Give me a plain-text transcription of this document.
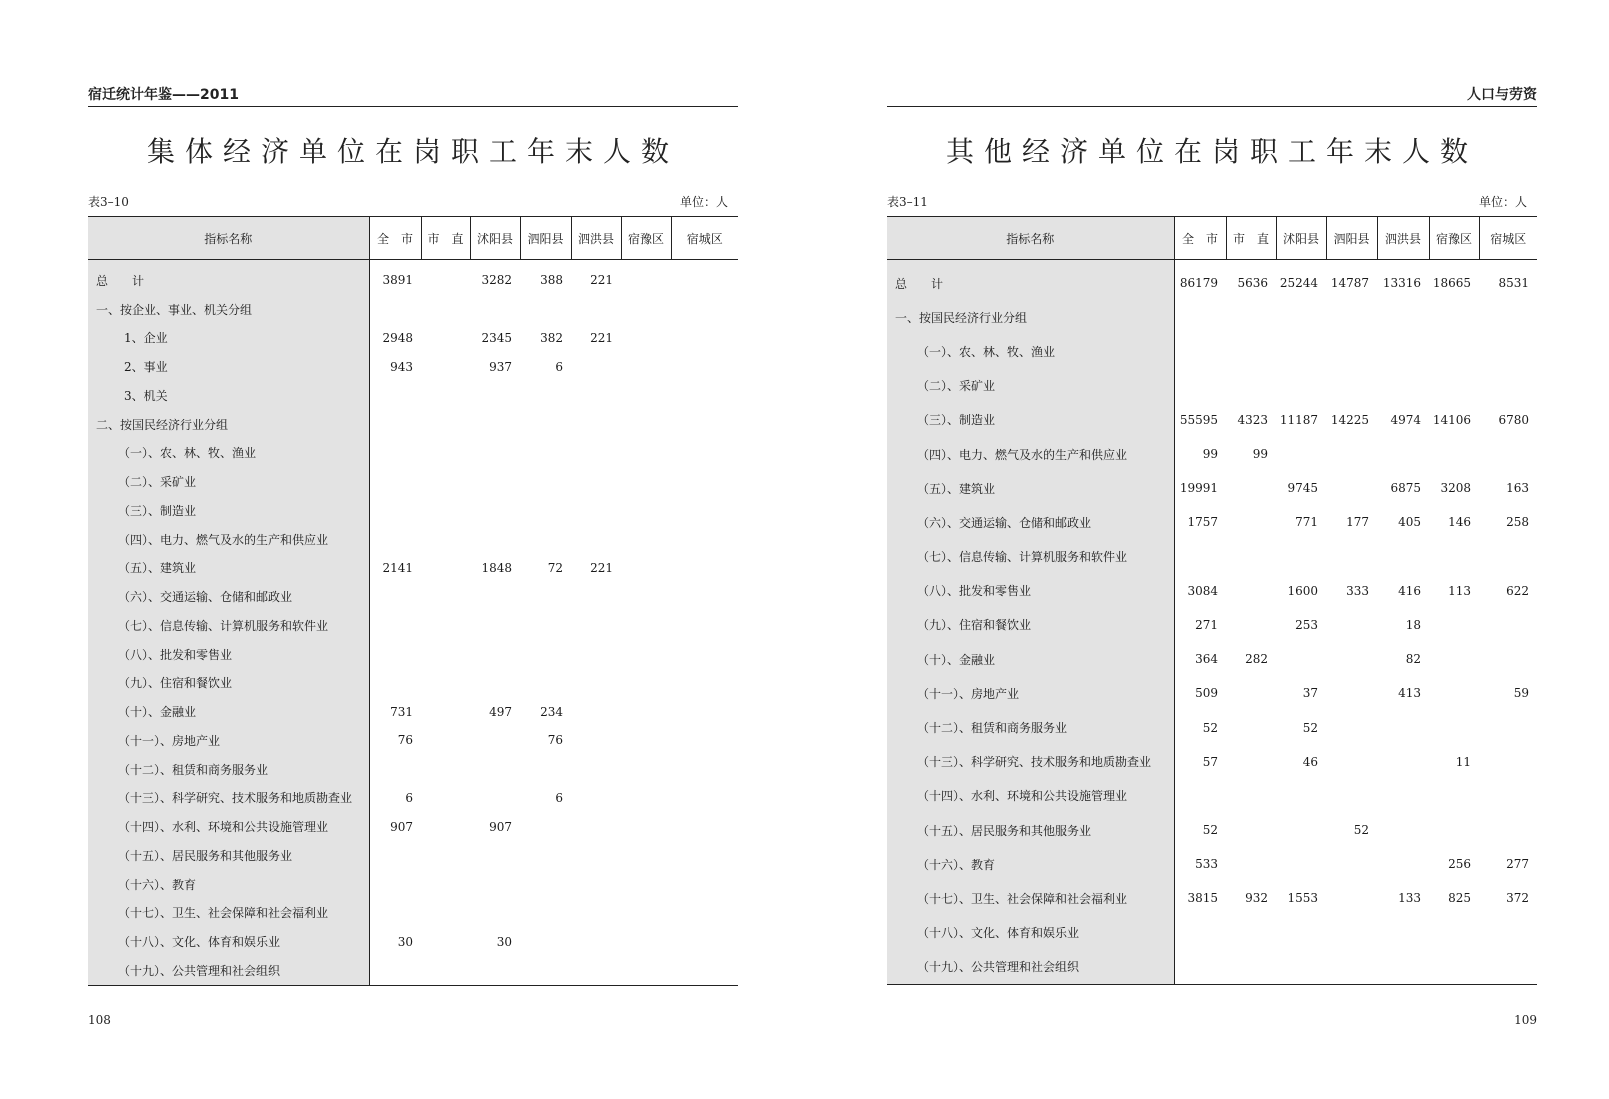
宿迁统计年鉴——2011
集体经济单位在岗职工年末人数
表3–10	单位：人
指标名称	全　市	市　直	沭阳县	泗阳县	泗洪县	宿豫区	宿城区
总　　计	3891		3282	388	221		
一、按企业、事业、机关分组							
1、企业	2948		2345	382	221		
2、事业	943		937	6			
3、机关							
二、按国民经济行业分组							
（一）、农、林、牧、渔业							
（二）、采矿业							
（三）、制造业							
（四）、电力、燃气及水的生产和供应业							
（五）、建筑业	2141		1848	72	221		
（六）、交通运输、仓储和邮政业							
（七）、信息传输、计算机服务和软件业							
（八）、批发和零售业							
（九）、住宿和餐饮业							
（十）、金融业	731		497	234			
（十一）、房地产业	76			76			
（十二）、租赁和商务服务业							
（十三）、科学研究、技术服务和地质勘查业	6			6			
（十四）、水利、环境和公共设施管理业	907		907				
（十五）、居民服务和其他服务业							
（十六）、教育							
（十七）、卫生、社会保障和社会福利业							
（十八）、文化、体育和娱乐业	30		30				
（十九）、公共管理和社会组织							
108
人口与劳资
其他经济单位在岗职工年末人数
表3–11	单位：人
指标名称	全　市	市　直	沭阳县	泗阳县	泗洪县	宿豫区	宿城区
总　　计	86179	5636	25244	14787	13316	18665	8531
一、按国民经济行业分组							
（一）、农、林、牧、渔业							
（二）、采矿业							
（三）、制造业	55595	4323	11187	14225	4974	14106	6780
（四）、电力、燃气及水的生产和供应业	99	99					
（五）、建筑业	19991		9745		6875	3208	163
（六）、交通运输、仓储和邮政业	1757		771	177	405	146	258
（七）、信息传输、计算机服务和软件业							
（八）、批发和零售业	3084		1600	333	416	113	622
（九）、住宿和餐饮业	271		253		18		
（十）、金融业	364	282			82		
（十一）、房地产业	509		37		413		59
（十二）、租赁和商务服务业	52		52				
（十三）、科学研究、技术服务和地质勘查业	57		46			11	
（十四）、水利、环境和公共设施管理业							
（十五）、居民服务和其他服务业	52			52			
（十六）、教育	533					256	277
（十七）、卫生、社会保障和社会福利业	3815	932	1553		133	825	372
（十八）、文化、体育和娱乐业							
（十九）、公共管理和社会组织							
109
